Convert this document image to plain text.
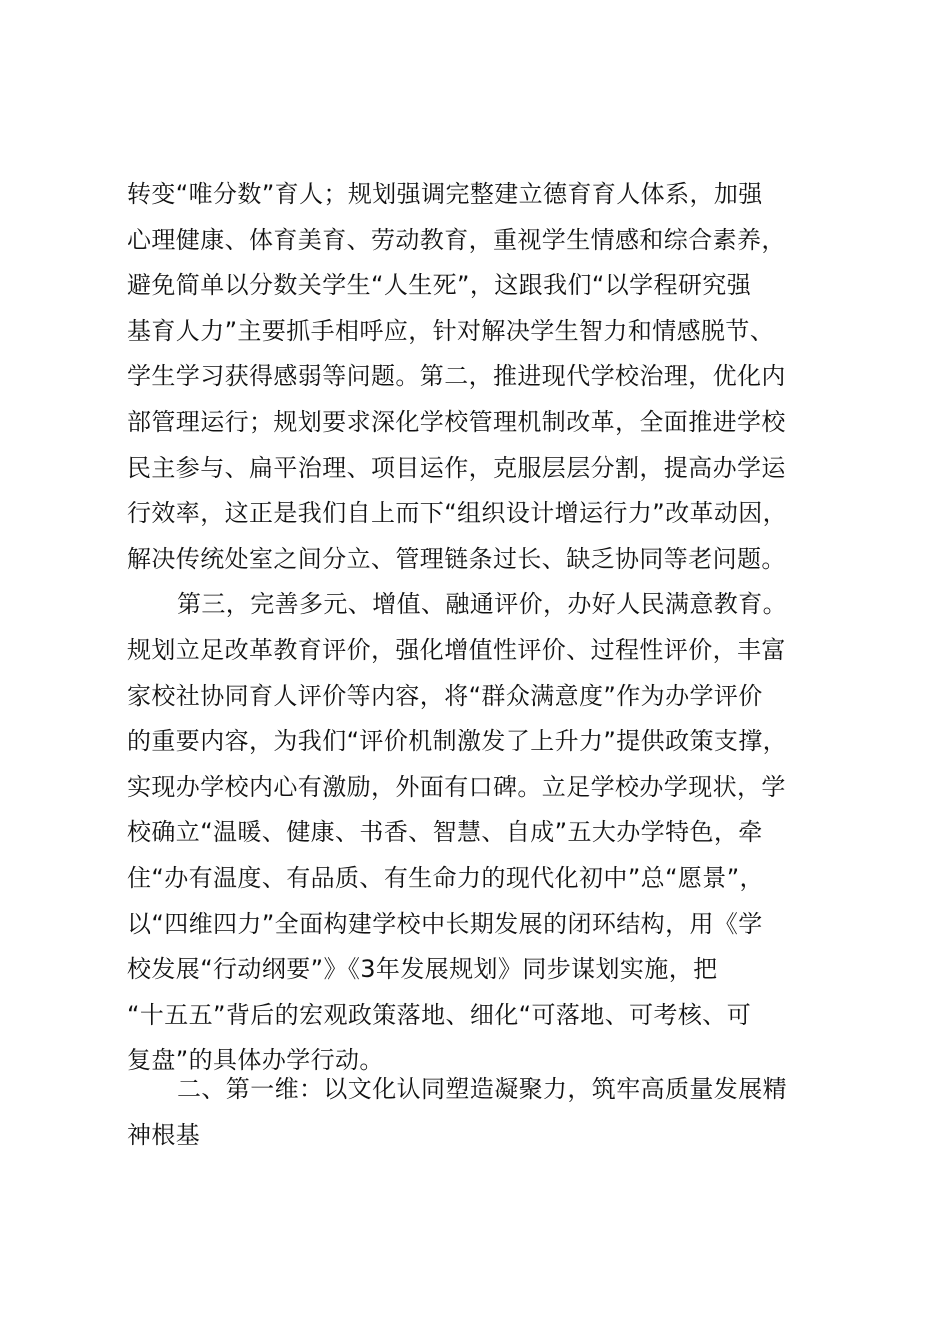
转变“唯分数”育人；规划强调完整建立德育育人体系，加强
心理健康、体育美育、劳动教育，重视学生情感和综合素养，
避免简单以分数关学生“人生死”，这跟我们“以学程研究强
基育人力”主要抓手相呼应，针对解决学生智力和情感脱节、
学生学习获得感弱等问题。第二，推进现代学校治理，优化内
部管理运行；规划要求深化学校管理机制改革，全面推进学校
民主参与、扁平治理、项目运作，克服层层分割，提高办学运
行效率，这正是我们自上而下“组织设计增运行力”改革动因，
解决传统处室之间分立、管理链条过长、缺乏协同等老问题。
第三，完善多元、增值、融通评价，办好人民满意教育。
规划立足改革教育评价，强化增值性评价、过程性评价，丰富
家校社协同育人评价等内容，将“群众满意度”作为办学评价
的重要内容，为我们“评价机制激发了上升力”提供政策支撑，
实现办学校内心有激励，外面有口碑。立足学校办学现状，学
校确立“温暖、健康、书香、智慧、自成”五大办学特色，牵
住“办有温度、有品质、有生命力的现代化初中”总“愿景”，
以“四维四力”全面构建学校中长期发展的闭环结构，用《学
校发展“行动纲要”》《3年发展规划》同步谋划实施，把
“十五五”背后的宏观政策落地、细化“可落地、可考核、可
复盘”的具体办学行动。
二、第一维：以文化认同塑造凝聚力，筑牢高质量发展精
神根基
